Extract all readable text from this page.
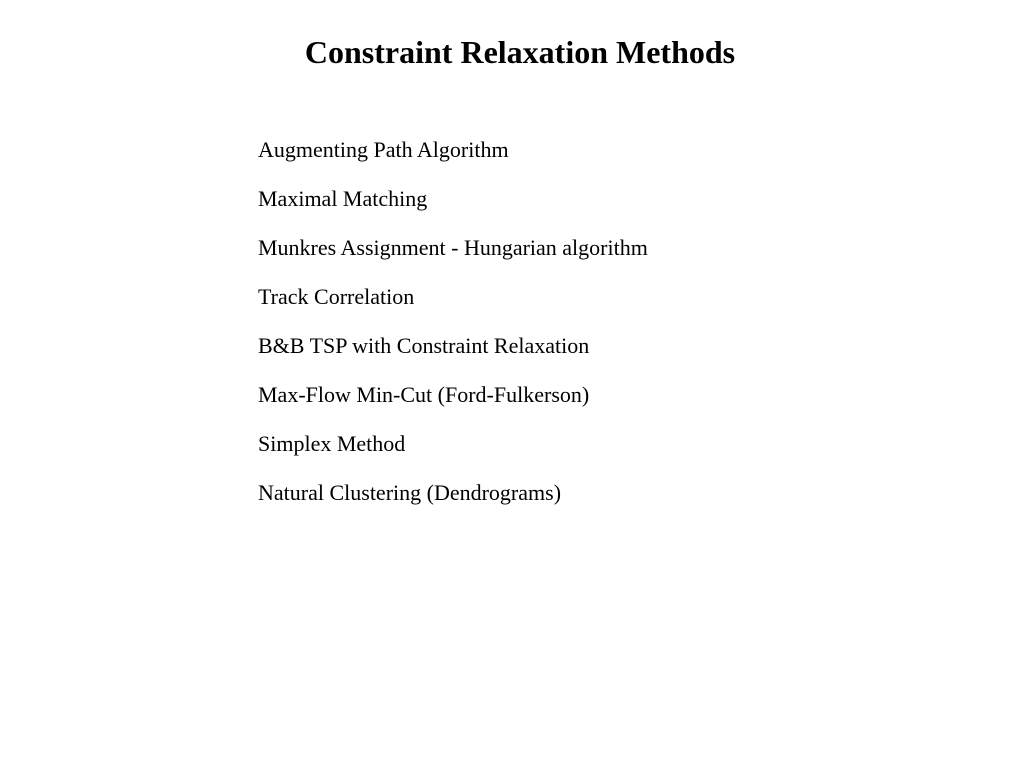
Constraint Relaxation Methods
Augmenting Path Algorithm
Maximal Matching
Munkres Assignment - Hungarian algorithm
Track Correlation
B&B TSP with Constraint Relaxation
Max-Flow Min-Cut (Ford-Fulkerson)
Simplex Method
Natural Clustering (Dendrograms)
